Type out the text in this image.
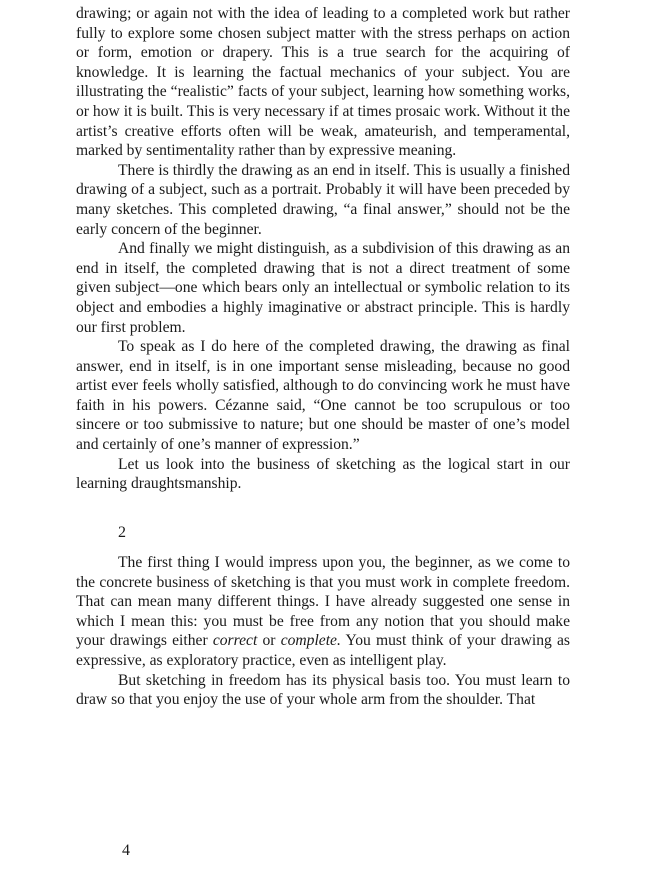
drawing; or again not with the idea of leading to a completed work but rather fully to explore some chosen subject matter with the stress perhaps on action or form, emotion or drapery. This is a true search for the acquiring of knowledge. It is learning the factual mechanics of your subject. You are illustrating the “realistic” facts of your subject, learning how something works, or how it is built. This is very necessary if at times prosaic work. Without it the artist’s creative efforts often will be weak, amateurish, and temperamental, marked by sentimentality rather than by expressive meaning.

There is thirdly the drawing as an end in itself. This is usually a finished drawing of a subject, such as a portrait. Probably it will have been preceded by many sketches. This completed drawing, “a final answer,” should not be the early concern of the beginner.

And finally we might distinguish, as a subdivision of this drawing as an end in itself, the completed drawing that is not a direct treatment of some given subject—one which bears only an intellectual or symbolic relation to its object and embodies a highly imaginative or abstract principle. This is hardly our first problem.

To speak as I do here of the completed drawing, the drawing as final answer, end in itself, is in one important sense misleading, because no good artist ever feels wholly satisfied, although to do convincing work he must have faith in his powers. Cézanne said, “One cannot be too scrupulous or too sincere or too submissive to nature; but one should be master of one’s model and certainly of one’s manner of expression.”

Let us look into the business of sketching as the logical start in our learning draughtsmanship.

2

The first thing I would impress upon you, the beginner, as we come to the concrete business of sketching is that you must work in complete freedom. That can mean many different things. I have already suggested one sense in which I mean this: you must be free from any notion that you should make your drawings either correct or complete. You must think of your drawing as expressive, as exploratory practice, even as intelligent play.

But sketching in freedom has its physical basis too. You must learn to draw so that you enjoy the use of your whole arm from the shoulder. That

4
